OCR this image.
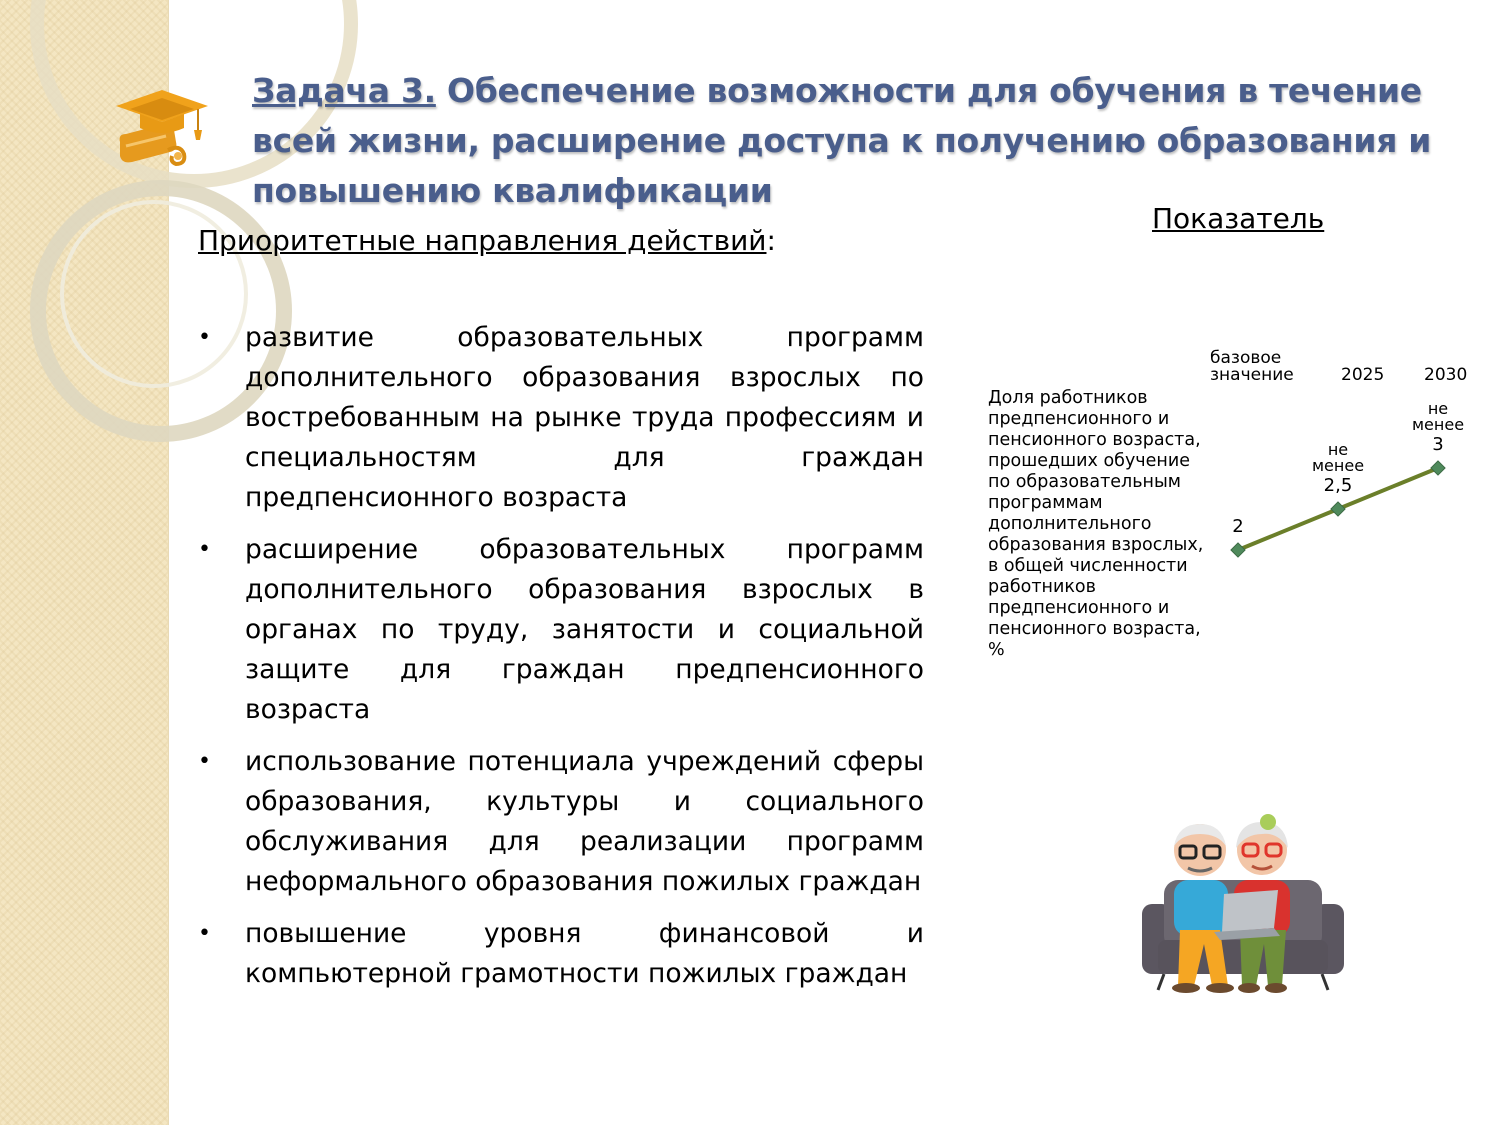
Задача 3. Обеспечение возможности для обучения в течение всей жизни, расширение доступа к получению образования и повышению квалификации
Приоритетные направления действий:
Показатель
• развитие образовательных программ дополнительного образования взрослых по востребованным на рынке труда профессиям и специальностям для граждан предпенсионного возраста
• расширение образовательных программ дополнительного образования взрослых в органах по труду, занятости и социальной защите для граждан предпенсионного возраста
• использование потенциала учреждений сферы образования, культуры и социального обслуживания для реализации программ неформального образования пожилых граждан
• повышение уровня финансовой и компьютерной грамотности пожилых граждан
базовое
значение	2025 2030
Доля работников предпенсионного и пенсионного возраста, прошедших обучение по образовательным программам дополнительного образования взрослых, в общей численности работников предпенсионного и пенсионного возраста, %
2
2,5
не
менее
3
не
менее
